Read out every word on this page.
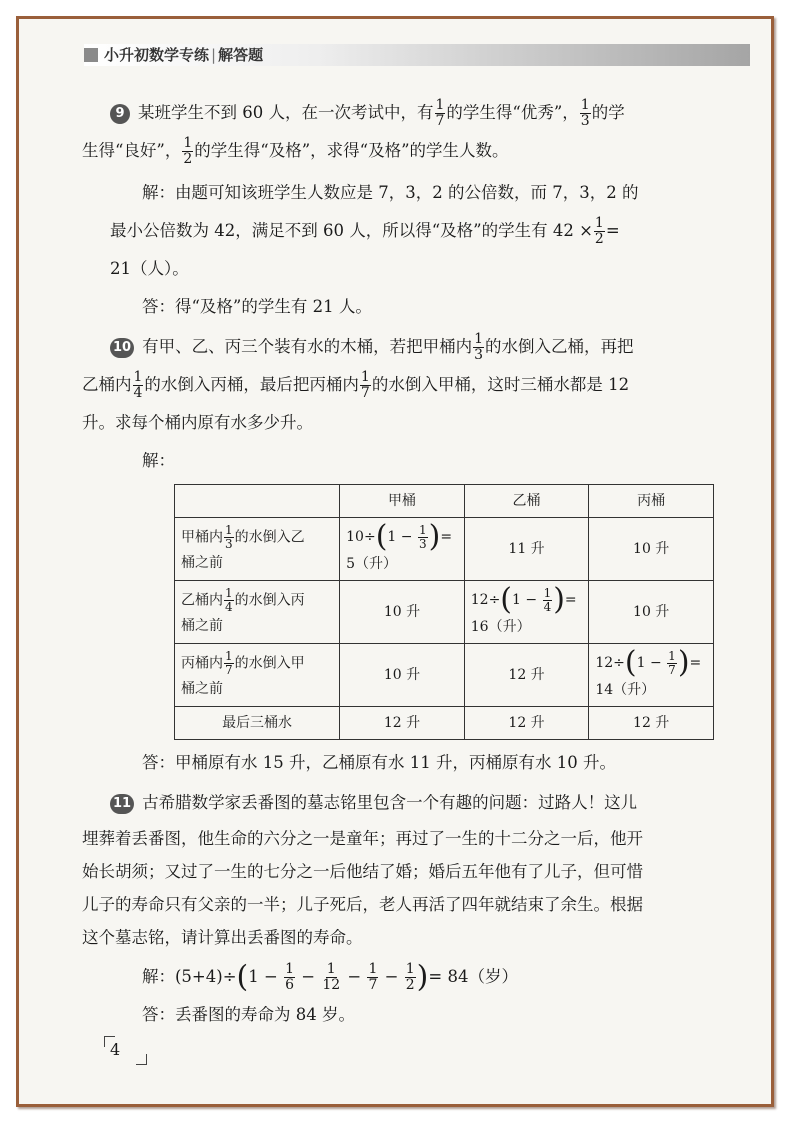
小升初数学专练 | 解答题

9 某班学生不到 60 人，在一次考试中，有 $\frac{1}{7}$ 的学生得“优秀”， $\frac{1}{3}$ 的学

生得“良好”， $\frac{1}{2}$ 的学生得“及格”，求得“及格”的学生人数。

解：由题可知该班学生人数应是 7，3，2 的公倍数，而 7，3，2 的

最小公倍数为 42，满足不到 60 人，所以得“及格”的学生有 $42 \times \frac{1}{2}$ =

21（人）。

答：得“及格”的学生有 21 人。

10 有甲、乙、丙三个装有水的木桶，若把甲桶内 $\frac{1}{3}$ 的水倒入乙桶，再把

乙桶内 $\frac{1}{4}$ 的水倒入丙桶，最后把丙桶内 $\frac{1}{7}$ 的水倒入甲桶，这时三桶水都是 12

升。求每个桶内原有水多少升。

解：

	甲桶	乙桶	丙桶
甲桶内 $\frac{1}{3}$ 的水倒入乙
桶之前	$10\div(1 - \frac{1}{3}$ )=
5（升）	11 升	10 升
乙桶内 $\frac{1}{4}$ 的水倒入丙
桶之前	10 升	$12\div(1 - \frac{1}{4}$ )=
16（升）	10 升
丙桶内 $\frac{1}{7}$ 的水倒入甲
桶之前	10 升	12 升	$12\div(1 - \frac{1}{7}$ )=
14（升）
最后三桶水	12 升	12 升	12 升

答：甲桶原有水 15 升，乙桶原有水 11 升，丙桶原有水 10 升。

11 古希腊数学家丢番图的墓志铭里包含一个有趣的问题：过路人！这儿

埋葬着丢番图，他生命的六分之一是童年；再过了一生的十二分之一后，他开

始长胡须；又过了一生的七分之一后他结了婚；婚后五年他有了儿子，但可惜

儿子的寿命只有父亲的一半；儿子死后，老人再活了四年就结束了余生。根据

这个墓志铭，请计算出丢番图的寿命。

解：$(5+4)\div(1 - \frac{1}{6} - \frac{1}{12} - \frac{1}{7} - \frac{1}{2}$ )= 84（岁）

答：丢番图的寿命为 84 岁。

4
